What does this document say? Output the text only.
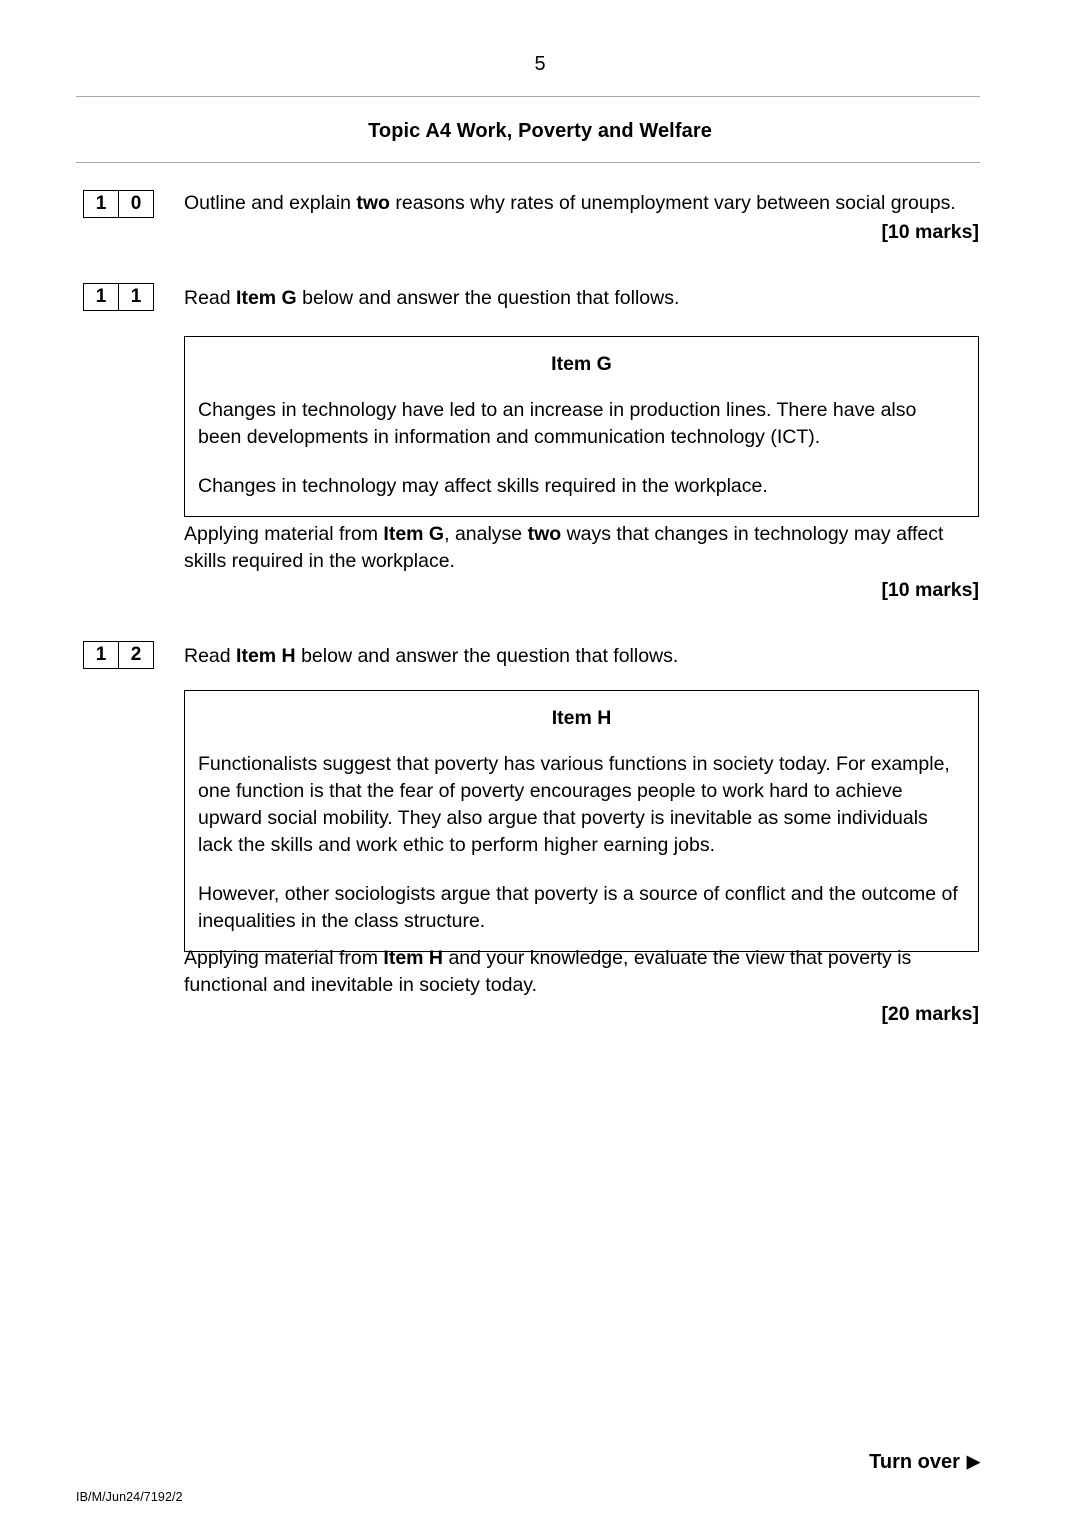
5
Topic A4 Work, Poverty and Welfare
1	0	Outline and explain two reasons why rates of unemployment vary between social groups.

[10 marks]
1	1	Read Item G below and answer the question that follows.

Item G

Changes in technology have led to an increase in production lines. There have also been developments in information and communication technology (ICT).

Changes in technology may affect skills required in the workplace.

Applying material from Item G, analyse two ways that changes in technology may affect skills required in the workplace.

[10 marks]
1	2	Read Item H below and answer the question that follows.

Item H

Functionalists suggest that poverty has various functions in society today. For example, one function is that the fear of poverty encourages people to work hard to achieve upward social mobility. They also argue that poverty is inevitable as some individuals lack the skills and work ethic to perform higher earning jobs.

However, other sociologists argue that poverty is a source of conflict and the outcome of inequalities in the class structure.

Applying material from Item H and your knowledge, evaluate the view that poverty is functional and inevitable in society today.

[20 marks]
Turn over ▶
IB/M/Jun24/7192/2
